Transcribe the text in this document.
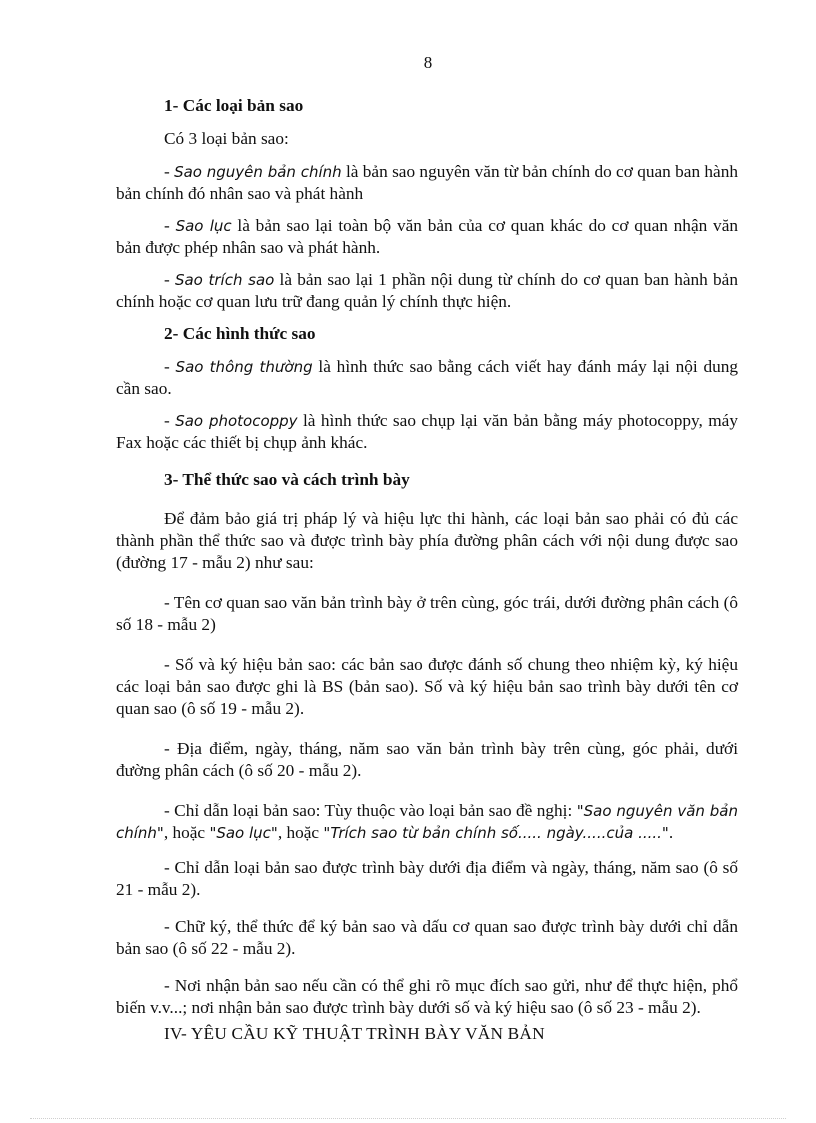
8
1- Các loại bản sao

Có 3 loại bản sao:

- Sao nguyên bản chính là bản sao nguyên văn từ bản chính do cơ quan ban hành bản chính đó nhân sao và phát hành

- Sao lục là bản sao lại toàn bộ văn bản của cơ quan khác do cơ quan nhận văn bản được phép nhân sao và phát hành.

- Sao trích sao là bản sao lại 1 phần nội dung từ chính do cơ quan ban hành bản chính hoặc cơ quan lưu trữ đang quản lý chính thực hiện.

2- Các hình thức sao

- Sao thông thường là hình thức sao bằng cách viết hay đánh máy lại nội dung cần sao.

- Sao photocoppy là hình thức sao chụp lại văn bản bằng máy photocoppy, máy Fax hoặc các thiết bị chụp ảnh khác.

3- Thể thức sao và cách trình bày

Để đảm bảo giá trị pháp lý và hiệu lực thi hành, các loại bản sao phải có đủ các thành phần thể thức sao và được trình bày phía đường phân cách với nội dung được sao (đường 17 - mẫu 2) như sau:

- Tên cơ quan sao văn bản trình bày ở trên cùng, góc trái, dưới đường phân cách (ô số 18 - mẫu 2)

- Số và ký hiệu bản sao: các bản sao được đánh số chung theo nhiệm kỳ, ký hiệu các loại bản sao được ghi là BS (bản sao). Số và ký hiệu bản sao trình bày dưới tên cơ quan sao (ô số 19 - mẫu 2).

- Địa điểm, ngày, tháng, năm sao văn bản trình bày trên cùng, góc phải, dưới đường phân cách (ô số 20 - mẫu 2).

- Chỉ dẫn loại bản sao: Tùy thuộc vào loại bản sao đề nghị: "Sao nguyên văn bản chính", hoặc "Sao lục", hoặc "Trích sao từ bản chính số..... ngày.....của .....".

- Chỉ dẫn loại bản sao được trình bày dưới địa điểm và ngày, tháng, năm sao (ô số 21 - mẫu 2).

- Chữ ký, thể thức để ký bản sao và dấu cơ quan sao được trình bày dưới chỉ dẫn bản sao (ô số 22 - mẫu 2).

- Nơi nhận bản sao nếu cần có thể ghi rõ mục đích sao gửi, như để thực hiện, phổ biến v.v...; nơi nhận bản sao được trình bày dưới số và ký hiệu sao (ô số 23 - mẫu 2).

IV- YÊU CẦU KỸ THUẬT TRÌNH BÀY VĂN BẢN
